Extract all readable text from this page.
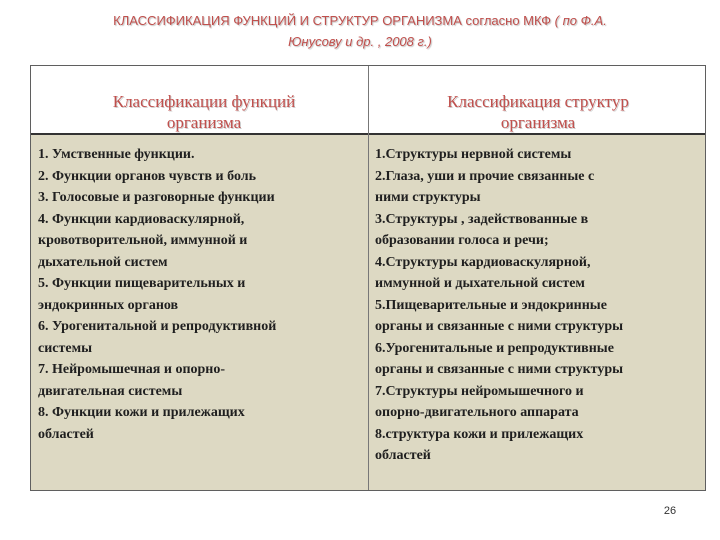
КЛАССИФИКАЦИЯ ФУНКЦИЙ И СТРУКТУР ОРГАНИЗМА согласно МКФ ( по Ф.А.
Юнусову и др. , 2008 г.)
Классификации функций
организма
Классификация структур
организма
1. Умственные функции.
2. Функции органов чувств и боль
3. Голосовые и разговорные функции
4. Функции кардиоваскулярной,
кровотворительной, иммунной и
дыхательной систем
5. Функции пищеварительных и
эндокринных органов
6. Урогенитальной и репродуктивной
системы
7. Нейромышечная и опорно-
двигательная системы
8. Функции кожи и прилежащих
областей
1.Структуры нервной системы
2.Глаза, уши и прочие связанные с
ними структуры
3.Структуры , задействованные в
образовании голоса и речи;
4.Структуры кардиоваскулярной,
иммунной и дыхательной систем
5.Пищеварительные и эндокринные
органы и связанные с ними структуры
6.Урогенитальные и репродуктивные
органы и связанные с ними структуры
7.Структуры нейромышечного и
опорно-двигательного аппарата
8.структура кожи и прилежащих
областей
26
